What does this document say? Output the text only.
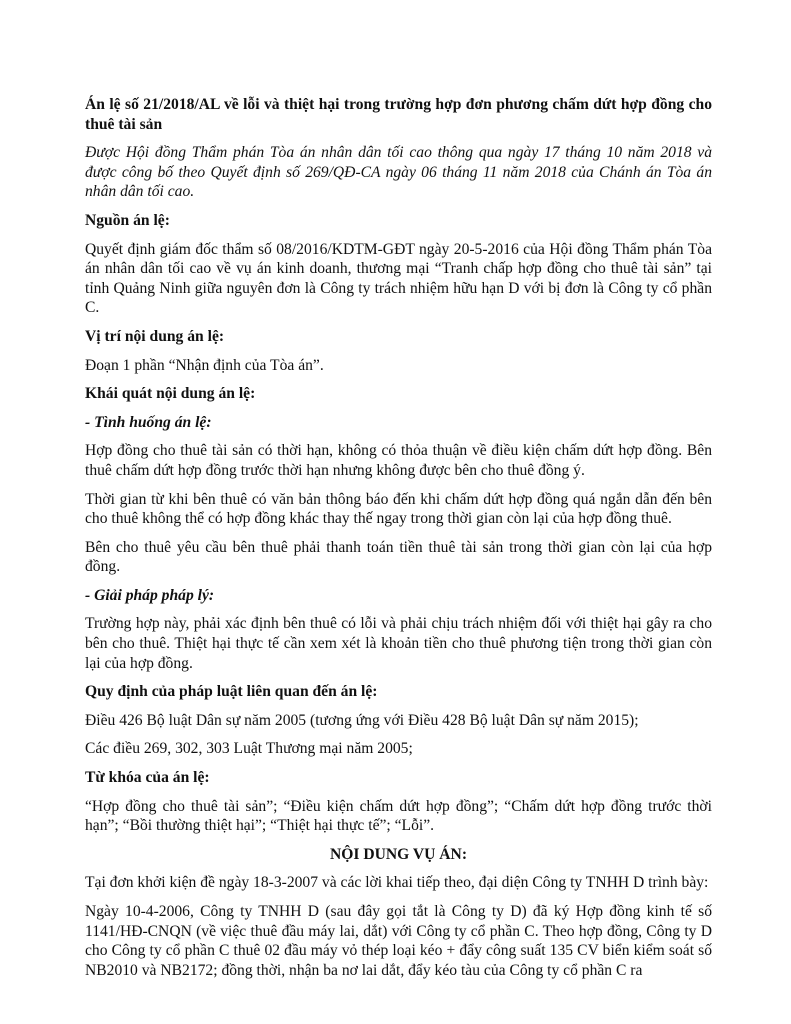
Án lệ số 21/2018/AL về lỗi và thiệt hại trong trường hợp đơn phương chấm dứt hợp đồng cho thuê tài sản

Được Hội đồng Thẩm phán Tòa án nhân dân tối cao thông qua ngày 17 tháng 10 năm 2018 và được công bố theo Quyết định số 269/QĐ-CA ngày 06 tháng 11 năm 2018 của Chánh án Tòa án nhân dân tối cao.

Nguồn án lệ:

Quyết định giám đốc thẩm số 08/2016/KDTM-GĐT ngày 20-5-2016 của Hội đồng Thẩm phán Tòa án nhân dân tối cao về vụ án kinh doanh, thương mại “Tranh chấp hợp đồng cho thuê tài sản” tại tỉnh Quảng Ninh giữa nguyên đơn là Công ty trách nhiệm hữu hạn D với bị đơn là Công ty cổ phần C.

Vị trí nội dung án lệ:

Đoạn 1 phần “Nhận định của Tòa án”.

Khái quát nội dung án lệ:
- Tình huống án lệ:

Hợp đồng cho thuê tài sản có thời hạn, không có thỏa thuận về điều kiện chấm dứt hợp đồng. Bên thuê chấm dứt hợp đồng trước thời hạn nhưng không được bên cho thuê đồng ý.

Thời gian từ khi bên thuê có văn bản thông báo đến khi chấm dứt hợp đồng quá ngắn dẫn đến bên cho thuê không thể có hợp đồng khác thay thế ngay trong thời gian còn lại của hợp đồng thuê.

Bên cho thuê yêu cầu bên thuê phải thanh toán tiền thuê tài sản trong thời gian còn lại của hợp đồng.

- Giải pháp pháp lý:

Trường hợp này, phải xác định bên thuê có lỗi và phải chịu trách nhiệm đối với thiệt hại gây ra cho bên cho thuê. Thiệt hại thực tế cần xem xét là khoản tiền cho thuê phương tiện trong thời gian còn lại của hợp đồng.

Quy định của pháp luật liên quan đến án lệ:

Điều 426 Bộ luật Dân sự năm 2005 (tương ứng với Điều 428 Bộ luật Dân sự năm 2015);

Các điều 269, 302, 303 Luật Thương mại năm 2005;

Từ khóa của án lệ:

“Hợp đồng cho thuê tài sản”; “Điều kiện chấm dứt hợp đồng”; “Chấm dứt hợp đồng trước thời hạn”; “Bồi thường thiệt hại”; “Thiệt hại thực tế”; “Lỗi”.

NỘI DUNG VỤ ÁN:

Tại đơn khởi kiện đề ngày 18-3-2007 và các lời khai tiếp theo, đại diện Công ty TNHH D trình bày:

Ngày 10-4-2006, Công ty TNHH D (sau đây gọi tắt là Công ty D) đã ký Hợp đồng kinh tế số 1141/HĐ-CNQN (về việc thuê đầu máy lai, dắt) với Công ty cổ phần C. Theo hợp đồng, Công ty D cho Công ty cổ phần C thuê 02 đầu máy vỏ thép loại kéo + đẩy công suất 135 CV biển kiểm soát số NB2010 và NB2172; đồng thời, nhận ba nơ lai dắt, đẩy kéo tàu của Công ty cổ phần C ra
